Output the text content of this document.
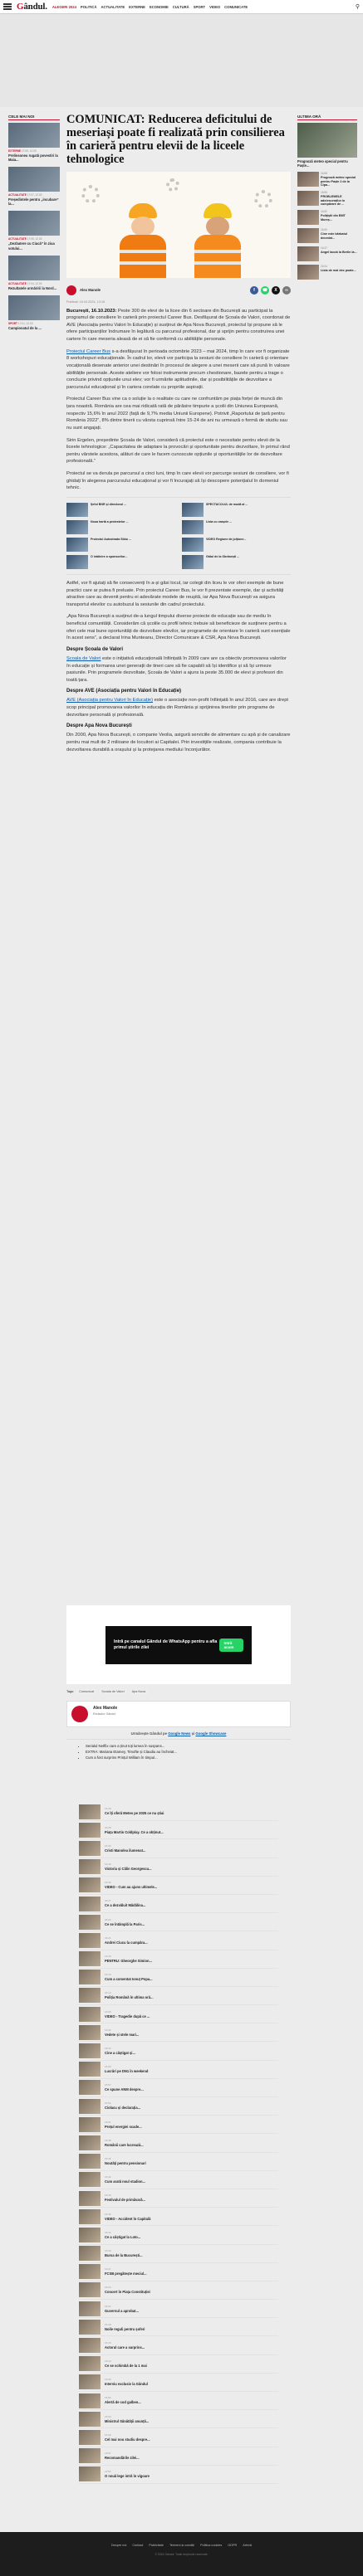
Gândul. ALEGERI 2024 POLITICĂ ACTUALITATE EXTERNE ECONOMIE CULTURĂ SPORT VIDEO COMUNICATE	⚲
CELE MAI NOI
EXTERNE 17:09, 12.03
Prelinsoneu rugată povestiri la Maia...
ACTUALITATE 17:07, 12.03
Președintele pentru „incubare” la...
ACTUALITATE 17:06, 12.03
„Dezbatere cu Ciucă” în ziua votului...
ACTUALITATE 17:04, 12.03
Rezultatele urmăririi la Nord...
SPORT 17:01, 12.03
Campionatul de la ...
ULTIMA ORĂ
Prognoză meteo special pentru Paște...
16:58
Prognoză meteo special pentru Paște 2 de la Cipa...
16:55
PROBLEMELE adolescenților în cumpărare de ...
16:52
Polițiștii din BMT Mureș...
16:50
Cine este bărbatul decedat...
16:47
Angel Iacob la Berlin la...
16:44
Lista de mai des poate...
COMUNICAT: Reducerea deficitului de meseriași poate fi realizată prin consilierea în carieră pentru elevii de la liceele tehnologice
Alex Manole	f	☎	X	∞
Publicat: 16.04.2024, 13:15

București, 16.10.2023: Peste 300 de elevi de la licee din 6 sectoare din București au participat la programul de consiliere în carieră prin proiectul Career Bus. Desfășurat de Școala de Valori, coordonat de AVE (Asociația pentru Valori în Educație) și susținut de Apa Nova București, proiectul își propune să le ofere participanților îndrumare în legătură cu parcursul profesional, dar și sprijin pentru construirea unei cariere în care meseria aleasă de ei să fie conformă cu abilitățile personale.

Proiectul Career Bus s-a desfășurat în perioada octombrie 2023 – mai 2024, timp în care vor fi organizate 8 workshopuri educaționale. În cadrul lor, elevii vor participa la sesiuni de consiliere în carieră și orientare vocațională desenate anterior unei destinări în procesul de alegere a unei meserii care să pună în valoare abilitățile personale. Aceste ateliere vor folosi instrumente precum chestionare, bazele pentru a trage o concluzie privind opțiunile unui elev; vor fi urmărite aptitudinile, dar și posibilitățile de dezvoltare a parcursului educațional și în cariera corelate cu propriile aspirații.

Proiectul Career Bus vine ca o soluție la o realitate cu care ne confruntăm pe piața forței de muncă din țara noastră. România are cea mai ridicată rată de părăsire timpurie a școlii din Uniunea Europeană, respectiv 15,6% în anul 2022 (față de 9,7% media Uniunii Europene). Potrivit „Raportului de țară pentru România 2022”, 8% dintre tinerii cu vârsta cuprinsă între 15-24 de ani nu urmează o formă de studiu sau nu sunt angajați.

Sirin Ergelen, președinte Școala de Valori, consideră că proiectul este o necesitate pentru elevii de la liceele tehnologice: „Capacitatea de adaptare la provocări și oportunitate pentru dezvoltare, în primul rând pentru vârstele acestora, alături de care le facem cunoscute opțiunile și oportunitățile lor de dezvoltare profesională.”

Proiectul se va derula pe parcursul a cinci luni, timp în care elevii vor parcurge sesiuni de consiliere, vor fi ghidați în alegerea parcursului educațional și vor fi încurajați să își descopere potențialul în domeniul tehnic.

Șeful BNR și directorul ...	SPECTACOLUL de modă al ...
Noua hartă a protestelor ...	Lista cu orașele ...
Proiectul Autostrada Sibiu ...	VIDEO Regiune de jolțiune...
O întâlnire a sponsorilor...	Gâtul de la Obrănești ...

Astfel, vor fi ajutați să fie consecvenți în a-și găsi locul, iar colegii din liceu le vor oferi exemple de bune practici care ar putea fi preluate. Prin proiectul Career Bus, le vor fi prezentate exemple, dar și activități atractive care au devenit pentru ei adevărate modele de reușită, iar Apa Nova București va asigura transportul elevilor cu autobuzul la sesiunile din cadrul proiectului.

„Apa Nova București a susținut de-a lungul timpului diverse proiecte de educație sau de mediu în beneficiul comunității. Considerăm că școlile cu profil tehnic trebuie să beneficieze de susținere pentru a oferi cele mai bune oportunități de dezvoltare elevilor, iar programele de orientare în carieră sunt esențiale în acest sens”, a declarat Irina Munteanu, Director Comunicare & CSR, Apa Nova București.

Despre Școala de Valori

Școala de Valori este o inițiativă educațională înființată în 2009 care are ca obiectiv promovarea valorilor în educație și formarea unei generații de tineri care să fie capabili să își identifice și să își urmeze pasiunile. Prin programele dezvoltate, Școala de Valori a ajuns la peste 35.000 de elevi și profesori din toată țara.

Despre AVE (Asociația pentru Valori în Educație)

AVE (Asociația pentru Valori în Educație) este o asociație non-profit înființată în anul 2016, care are drept scop principal promovarea valorilor în educația din România și sprijinirea tinerilor prin programe de dezvoltare personală și profesională.

Despre Apa Nova București

Din 2000, Apa Nova București, o companie Veolia, asigură serviciile de alimentare cu apă și de canalizare pentru mai mult de 2 milioane de locuitori ai Capitalei. Prin investițiile realizate, compania contribuie la dezvoltarea durabilă a orașului și la protejarea mediului înconjurător.

Intră pe canalul Gândul de WhatsApp pentru a afla primul știrile zilei
Intră acum
Tags:	Comunicat	Școala de Valori	Apa Nova
Alex Manole
Redactor Gândul
Urmărește Gândul pe Google News și Google Showcase
• Serialul Netflix care a ținut toți lumea în suspans...
• EXTRA: Mariana Etamey, Timofte și Claudiu au încheiat...
• Cum a fost surprins Prințul William în timpul...
16:40
Ce îți oferă Meteo pe 2025 ce nu știai
16:38
Piața Martin Coldplay. Ce a obținut...
16:36
Cristi Manolea ilumenat...
16:33
Victoria și Călin Georgescu...
16:30
VIDEO - Cum au ajuns ultimele...
16:27
Ce a dezvăluit Mădălina...
16:24
Ce se întâmplă la Paris...
16:21
Andrei Ciucu la cumpăra...
16:18
PENTRU: Gheorghe Simion...
16:15
Cum a comentat Ionuț Popa...
16:12
Poliția Română în ultima oră...
16:09
VIDEO - Tragedie după ce ...
16:06
Vedete și stele mari...
16:03
Cine a câștigat și...
16:00
Lucrări pe DN1 în weekend
15:57
Ce spune ANM despre...
15:54
Ciolacu și declarația...
15:51
Prețul energiei scade...
15:48
Românii care lucrează...
15:45
Noutăți pentru pensionari
15:42
Cum arată noul stadion...
15:39
Festivalul de primăvară...
15:36
VIDEO - Accident în Capitală
15:33
Ce a câștigat la Loto...
15:30
Bursa de la București...
15:27
FCSB pregătește meciul...
15:24
Concert în Piața Constituției
15:21
Guvernul a aprobat...
15:18
Noile reguli pentru șoferi
15:15
Actorul care a surprins...
15:12
Ce se schimbă de la 1 mai
15:09
Interviu exclusiv la Gândul
15:06
Alertă de cod galben...
15:03
Ministrul Sănătății anunță...
15:00
Cel mai nou studiu despre...
14:57
Recomandările zilei...
14:54
O nouă lege intră în vigoare
Despre noi Contact Publicitate Termeni și condiții Politica cookies GDPR Arhivă
© 2024 Gândul. Toate drepturile rezervate.
